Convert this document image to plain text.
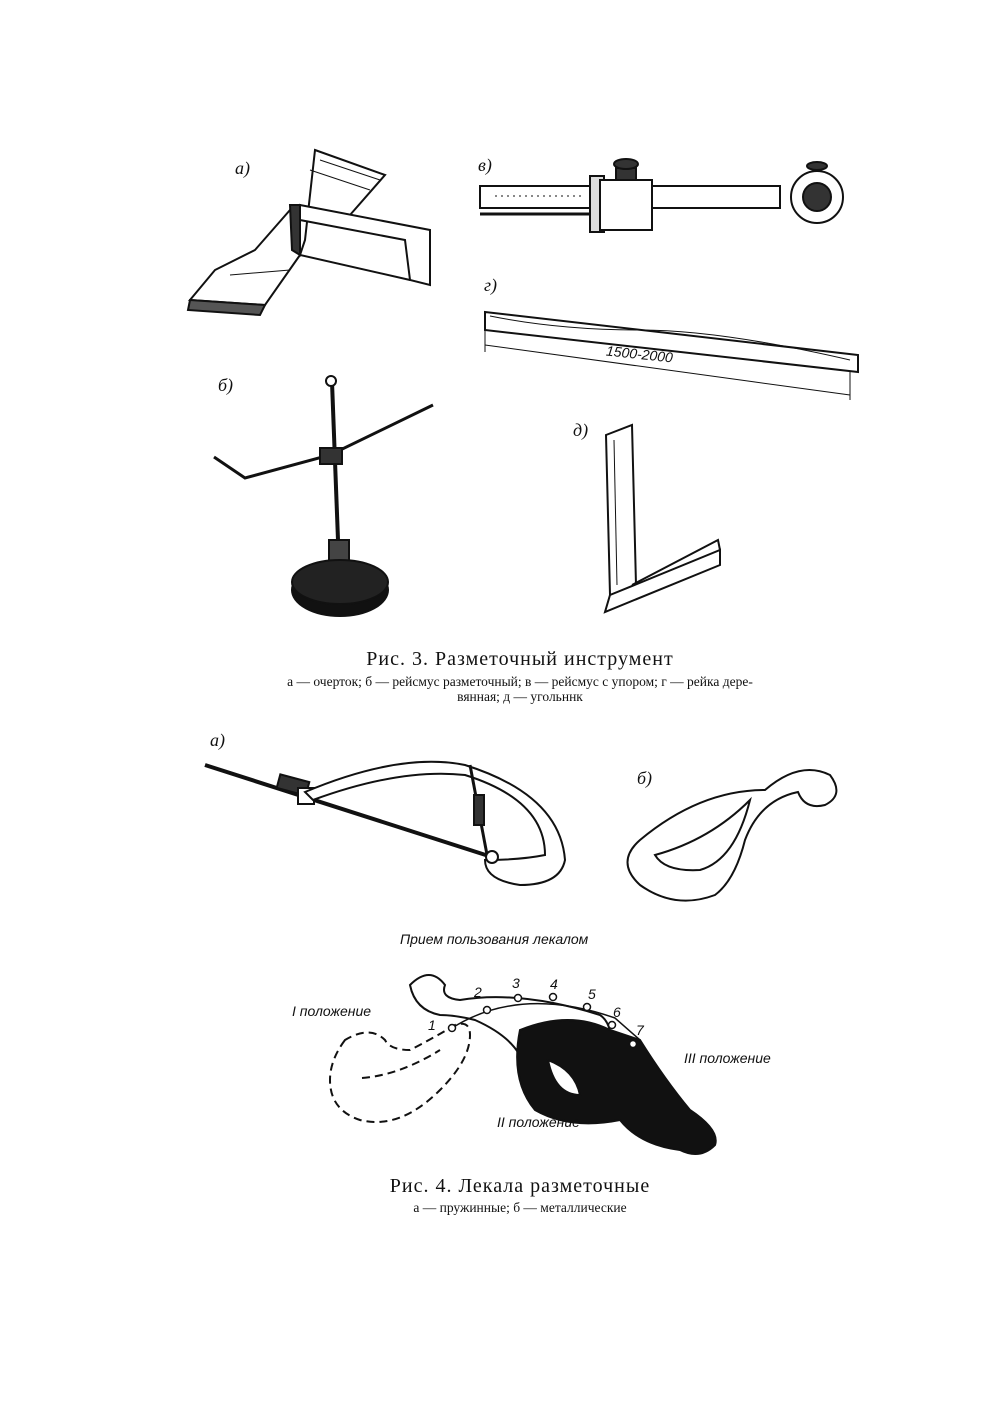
а)	в)
г)
1500-2000
б)
д)
Рис. 3. Разметочный инструмент
а — очерток; б — рейсмус разметочный; в — рейсмус с упором; г — рейка дере-
вянная; д — угольннк
а)
б)
Прием пользования лекалом
I положение
II положение
III положение
1
2
3 4
5
6
7
Рис. 4. Лекала разметочные
а — пружинные; б — металлические
